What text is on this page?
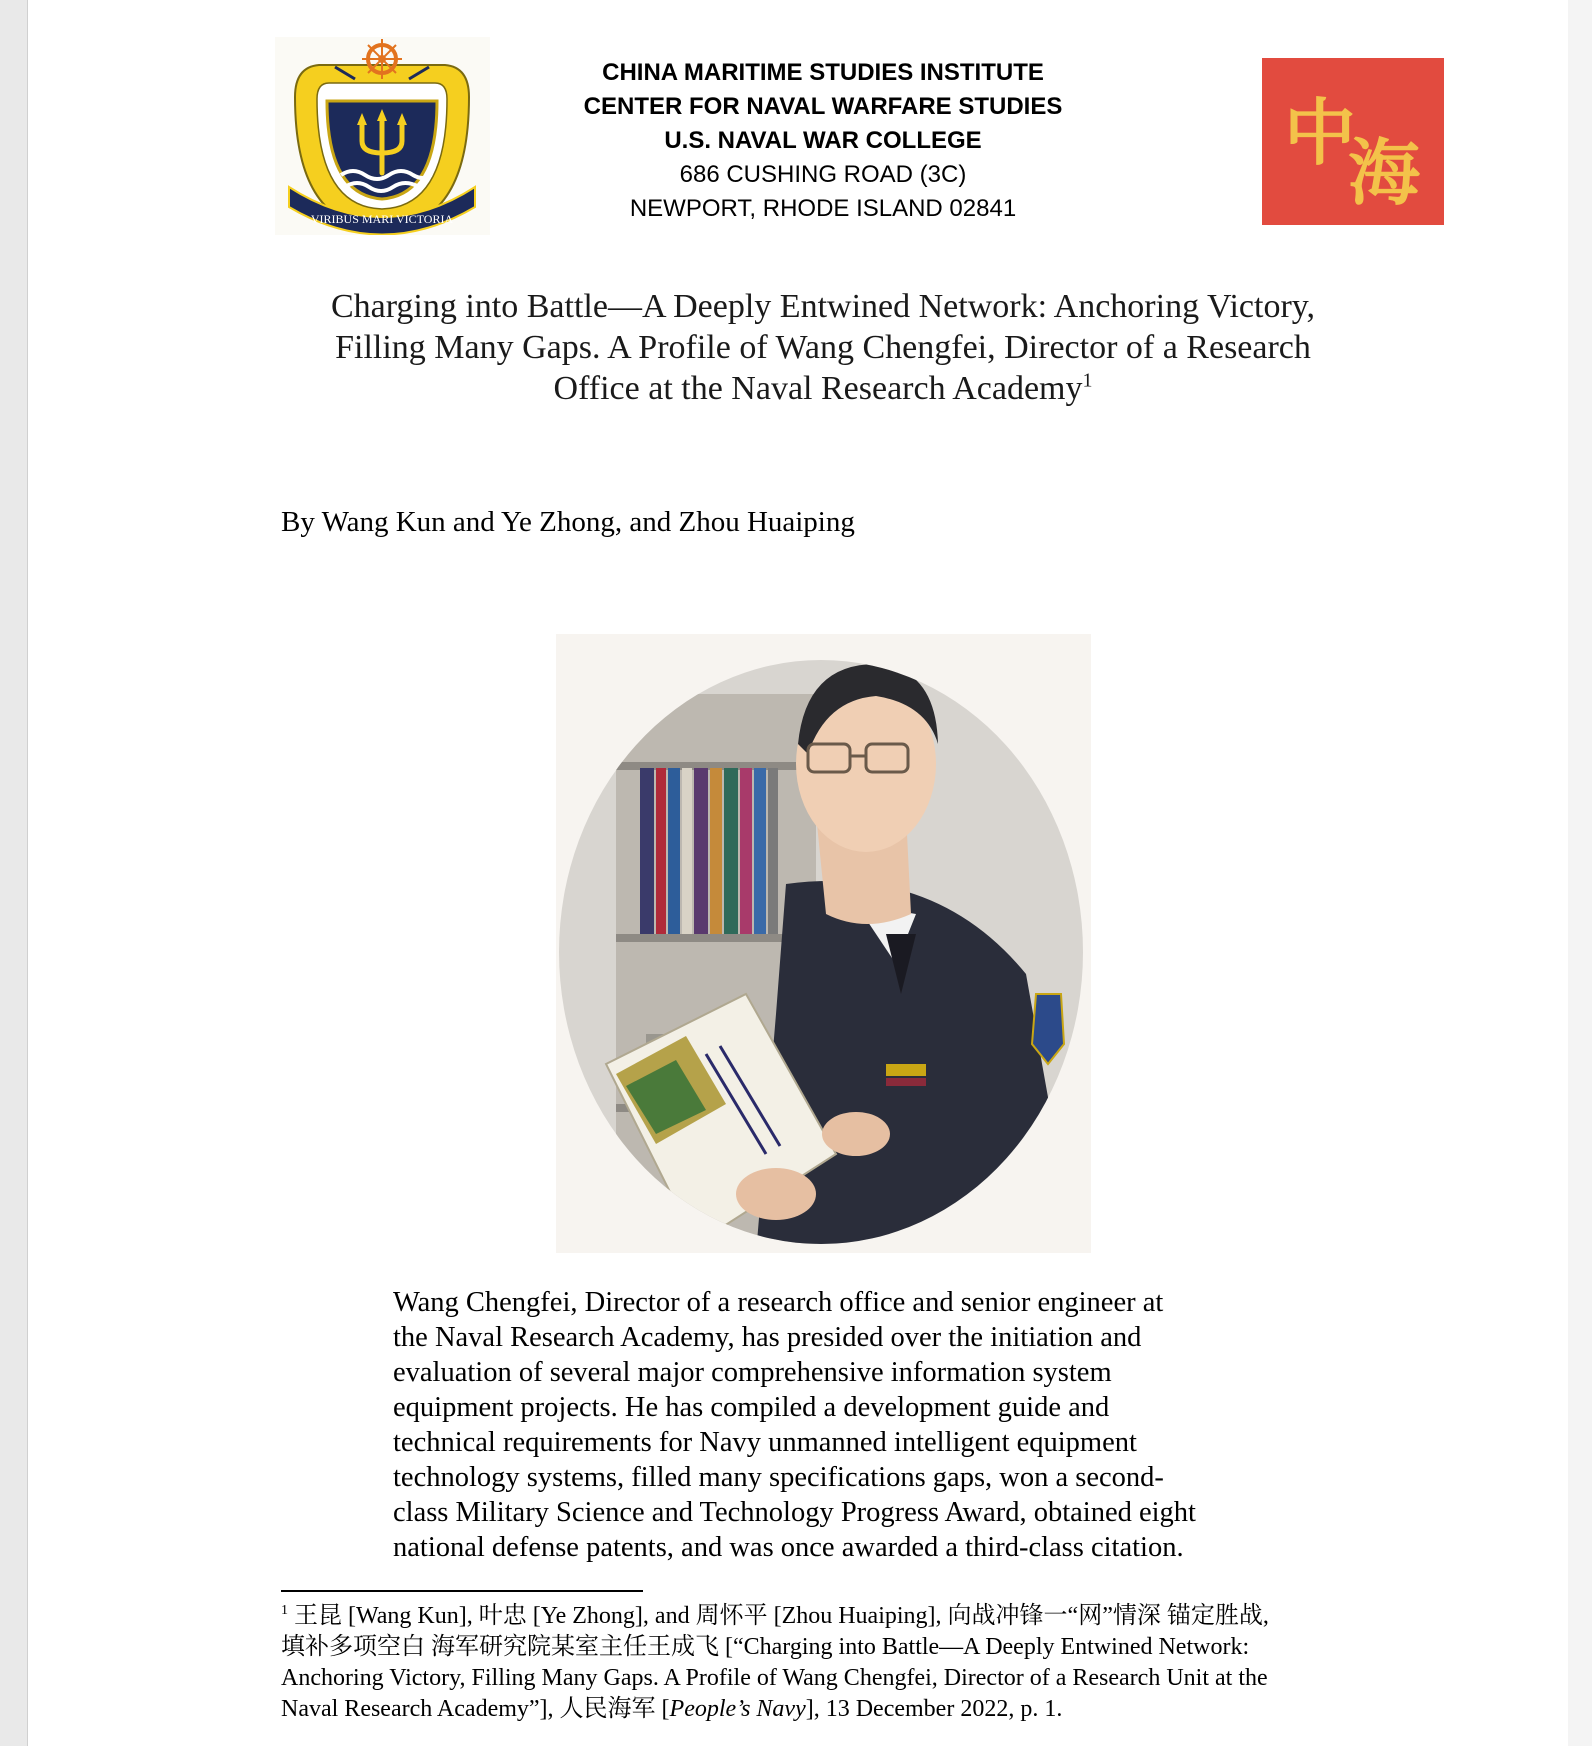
VIRIBUS MARI VICTORIA
CHINA MARITIME STUDIES INSTITUTE
CENTER FOR NAVAL WARFARE STUDIES
U.S. NAVAL WAR COLLEGE
686 CUSHING ROAD (3C)
NEWPORT, RHODE ISLAND 02841
中
海
Charging into Battle—A Deeply Entwined Network: Anchoring Victory,
Filling Many Gaps. A Profile of Wang Chengfei, Director of a Research
Office at the Naval Research Academy$^1$
By Wang Kun and Ye Zhong, and Zhou Huaiping

Wang Chengfei, Director of a research office and senior engineer at

the Naval Research Academy, has presided over the initiation and

evaluation of several major comprehensive information system

equipment projects. He has compiled a development guide and

technical requirements for Navy unmanned intelligent equipment

technology systems, filled many specifications gaps, won a second-

class Military Science and Technology Progress Award, obtained eight

national defense patents, and was once awarded a third-class citation.

$^1$ 王昆 [Wang Kun], 叶忠 [Ye Zhong], and 周怀平 [Zhou Huaiping], 向战冲锋一“网”情深 锚定胜战,

填补多项空白 海军研究院某室主任王成飞 [“Charging into Battle—A Deeply Entwined Network:

Anchoring Victory, Filling Many Gaps. A Profile of Wang Chengfei, Director of a Research Unit at the

Naval Research Academy”], 人民海军 [People’s Navy], 13 December 2022, p. 1.
